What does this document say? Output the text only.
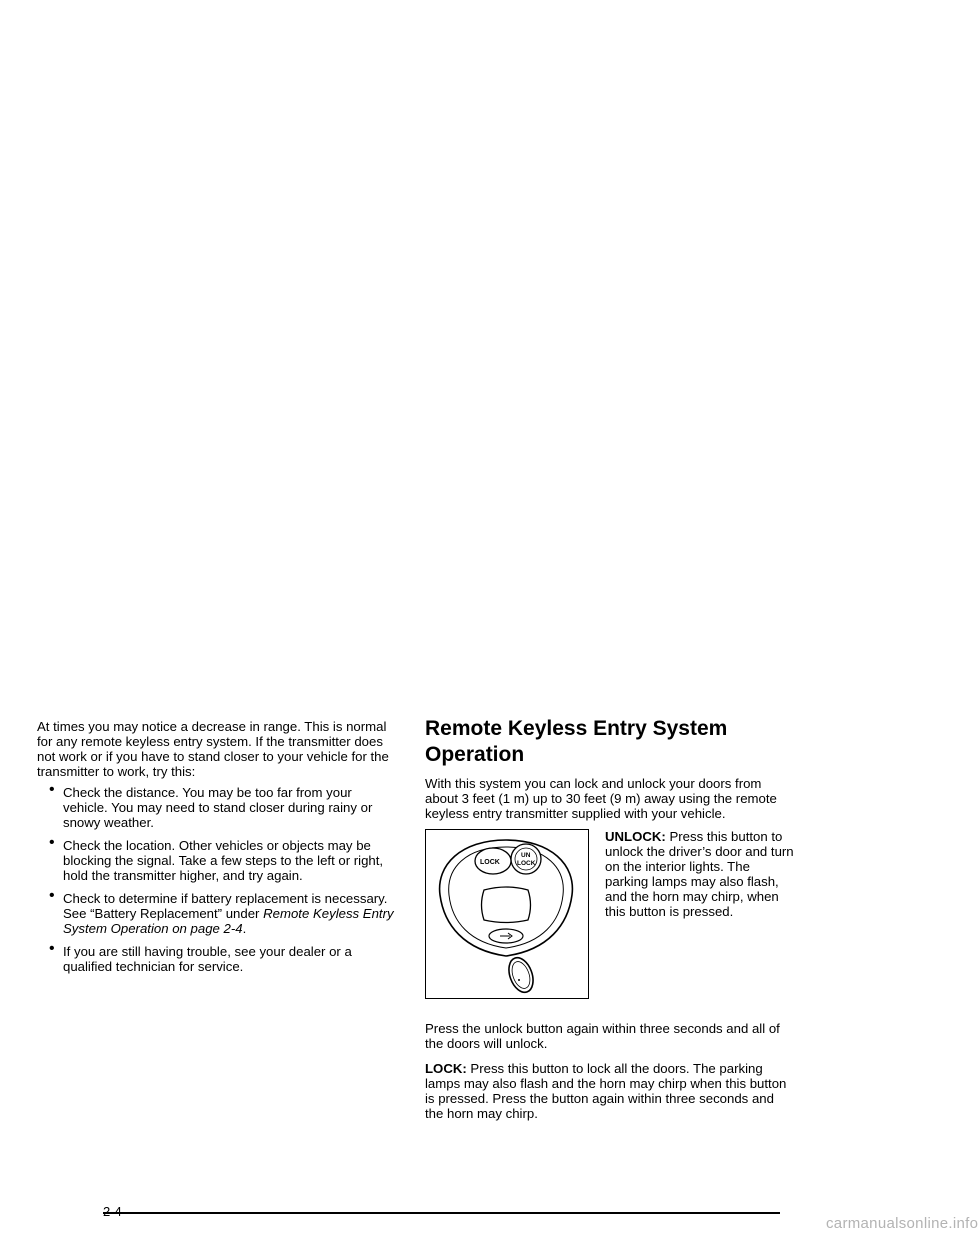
At times you may notice a decrease in range. This is normal for any remote keyless entry system. If the transmitter does not work or if you have to stand closer to your vehicle for the transmitter to work, try this:

• Check the distance. You may be too far from your vehicle. You may need to stand closer during rainy or snowy weather.
• Check the location. Other vehicles or objects may be blocking the signal. Take a few steps to the left or right, hold the transmitter higher, and try again.
• Check to determine if battery replacement is necessary. See “Battery Replacement” under Remote Keyless Entry System Operation on page 2-4.
• If you are still having trouble, see your dealer or a qualified technician for service.
Remote Keyless Entry System
Operation

With this system you can lock and unlock your doors from about 3 feet (1 m) up to 30 feet (9 m) away using the remote keyless entry transmitter supplied with your vehicle.

LOCK
UN
LOCK

UNLOCK: Press this button to unlock the driver’s door and turn on the interior lights. The parking lamps may also flash, and the horn may chirp, when this button is pressed.

Press the unlock button again within three seconds and all of the doors will unlock.

LOCK: Press this button to lock all the doors. The parking lamps may also flash and the horn may chirp when this button is pressed. Press the button again within three seconds and the horn may chirp.

carmanualsonline.info
